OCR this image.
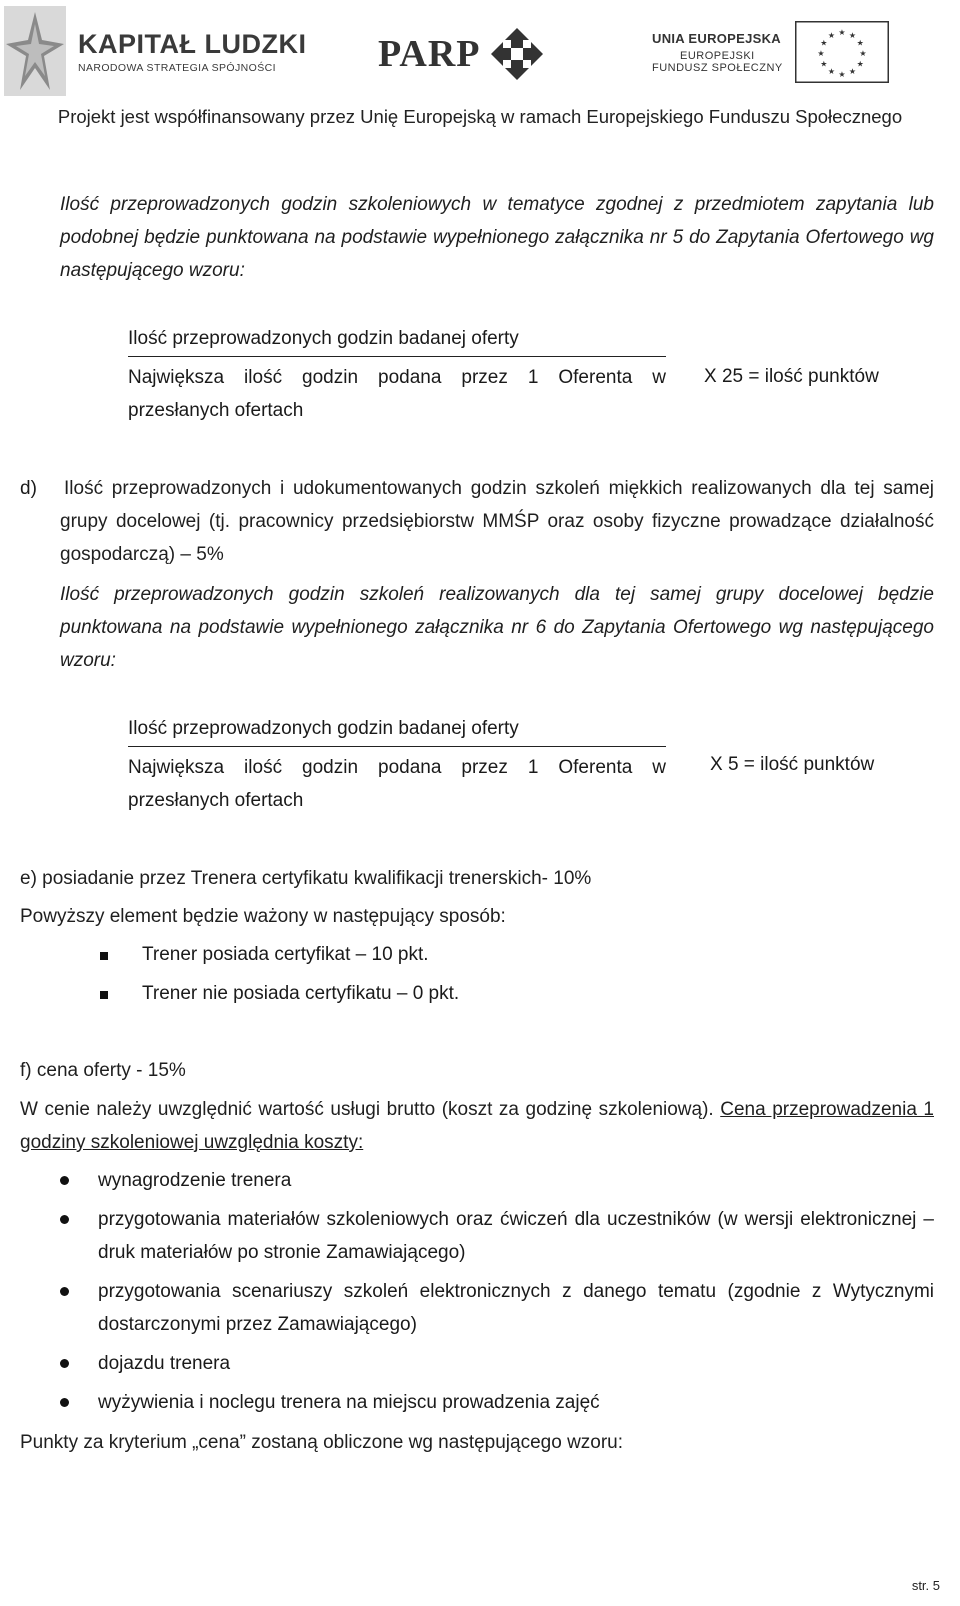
KAPITAŁ LUDZKI
NARODOWA STRATEGIA SPÓJNOŚCI	PARP	UNIA EUROPEJSKA
EUROPEJSKI
FUNDUSZ SPOŁECZNY
★ ★
★
★
★
★
★
★
★
★
★
★
Projekt jest współfinansowany przez Unię Europejską w ramach Europejskiego Funduszu Społecznego
Ilość przeprowadzonych godzin szkoleniowych w tematyce zgodnej z przedmiotem zapytania lub podobnej będzie punktowana na podstawie wypełnionego załącznika nr 5 do Zapytania Ofertowego wg następującego wzoru:
Ilość przeprowadzonych godzin badanej oferty
Największa ilość godzin podana przez 1 Oferenta w przesłanych ofertach
X 25 = ilość punktów
d) Ilość przeprowadzonych i udokumentowanych godzin szkoleń miękkich realizowanych dla tej samej grupy docelowej (tj. pracownicy przedsiębiorstw MMŚP oraz osoby fizyczne prowadzące działalność gospodarczą) – 5%
Ilość przeprowadzonych godzin szkoleń realizowanych dla tej samej grupy docelowej będzie punktowana na podstawie wypełnionego załącznika nr 6 do Zapytania Ofertowego wg następującego wzoru:
Ilość przeprowadzonych godzin badanej oferty
Największa ilość godzin podana przez 1 Oferenta w przesłanych ofertach
X 5 = ilość punktów
e) posiadanie przez Trenera certyfikatu kwalifikacji trenerskich- 10%
Powyższy element będzie ważony w następujący sposób:
Trener posiada certyfikat – 10 pkt.
Trener nie posiada certyfikatu – 0 pkt.
f) cena oferty - 15%
W cenie należy uwzględnić wartość usługi brutto (koszt za godzinę szkoleniową). Cena przeprowadzenia 1 godziny szkoleniowej uwzględnia koszty:
wynagrodzenie trenera
przygotowania materiałów szkoleniowych oraz ćwiczeń dla uczestników (w wersji elektronicznej – druk materiałów po stronie Zamawiającego)
przygotowania scenariuszy szkoleń elektronicznych z danego tematu (zgodnie z Wytycznymi dostarczonymi przez Zamawiającego)
dojazdu trenera
wyżywienia i noclegu trenera na miejscu prowadzenia zajęć
Punkty za kryterium „cena” zostaną obliczone wg następującego wzoru:
str. 5
